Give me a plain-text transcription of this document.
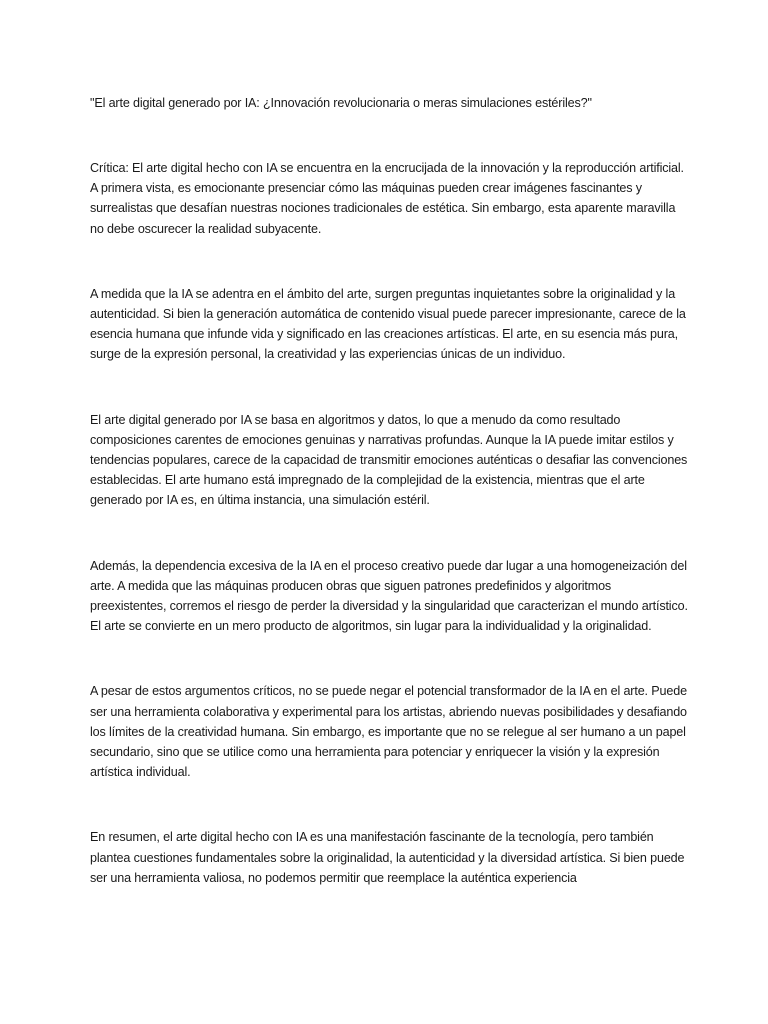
"El arte digital generado por IA: ¿Innovación revolucionaria o meras simulaciones estériles?"

Crítica: El arte digital hecho con IA se encuentra en la encrucijada de la innovación y la reproducción artificial. A primera vista, es emocionante presenciar cómo las máquinas pueden crear imágenes fascinantes y surrealistas que desafían nuestras nociones tradicionales de estética. Sin embargo, esta aparente maravilla no debe oscurecer la realidad subyacente.

A medida que la IA se adentra en el ámbito del arte, surgen preguntas inquietantes sobre la originalidad y la autenticidad. Si bien la generación automática de contenido visual puede parecer impresionante, carece de la esencia humana que infunde vida y significado en las creaciones artísticas. El arte, en su esencia más pura, surge de la expresión personal, la creatividad y las experiencias únicas de un individuo.

El arte digital generado por IA se basa en algoritmos y datos, lo que a menudo da como resultado composiciones carentes de emociones genuinas y narrativas profundas. Aunque la IA puede imitar estilos y tendencias populares, carece de la capacidad de transmitir emociones auténticas o desafiar las convenciones establecidas. El arte humano está impregnado de la complejidad de la existencia, mientras que el arte generado por IA es, en última instancia, una simulación estéril.

Además, la dependencia excesiva de la IA en el proceso creativo puede dar lugar a una homogeneización del arte. A medida que las máquinas producen obras que siguen patrones predefinidos y algoritmos preexistentes, corremos el riesgo de perder la diversidad y la singularidad que caracterizan el mundo artístico. El arte se convierte en un mero producto de algoritmos, sin lugar para la individualidad y la originalidad.

A pesar de estos argumentos críticos, no se puede negar el potencial transformador de la IA en el arte. Puede ser una herramienta colaborativa y experimental para los artistas, abriendo nuevas posibilidades y desafiando los límites de la creatividad humana. Sin embargo, es importante que no se relegue al ser humano a un papel secundario, sino que se utilice como una herramienta para potenciar y enriquecer la visión y la expresión artística individual.

En resumen, el arte digital hecho con IA es una manifestación fascinante de la tecnología, pero también plantea cuestiones fundamentales sobre la originalidad, la autenticidad y la diversidad artística. Si bien puede ser una herramienta valiosa, no podemos permitir que reemplace la auténtica experiencia
